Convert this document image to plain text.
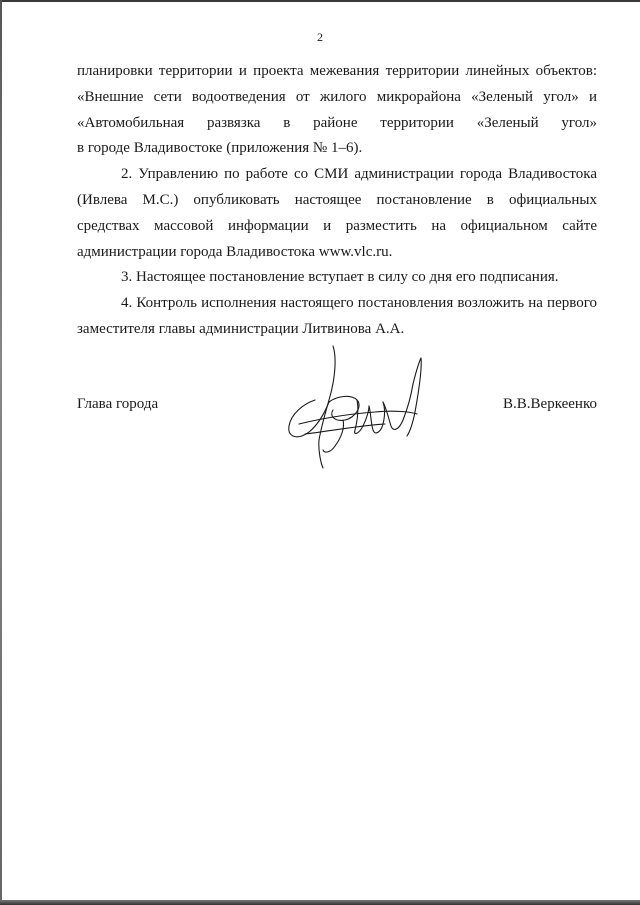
2
планировки территории и проекта межевания территории линейных объектов:
«Внешние сети водоотведения от жилого микрорайона «Зеленый угол» и
«Автомобильная развязка в районе территории «Зеленый угол»
в городе Владивостоке (приложения № 1–6).
2. Управлению по работе со СМИ администрации города Владивостока
(Ивлева М.С.) опубликовать настоящее постановление в официальных
средствах массовой информации и разместить на официальном сайте
администрации города Владивостока www.vlc.ru.
3. Настоящее постановление вступает в силу со дня его подписания.
4. Контроль исполнения настоящего постановления возложить на первого
заместителя главы администрации Литвинова А.А.
Глава города	В.В.Веркеенко
